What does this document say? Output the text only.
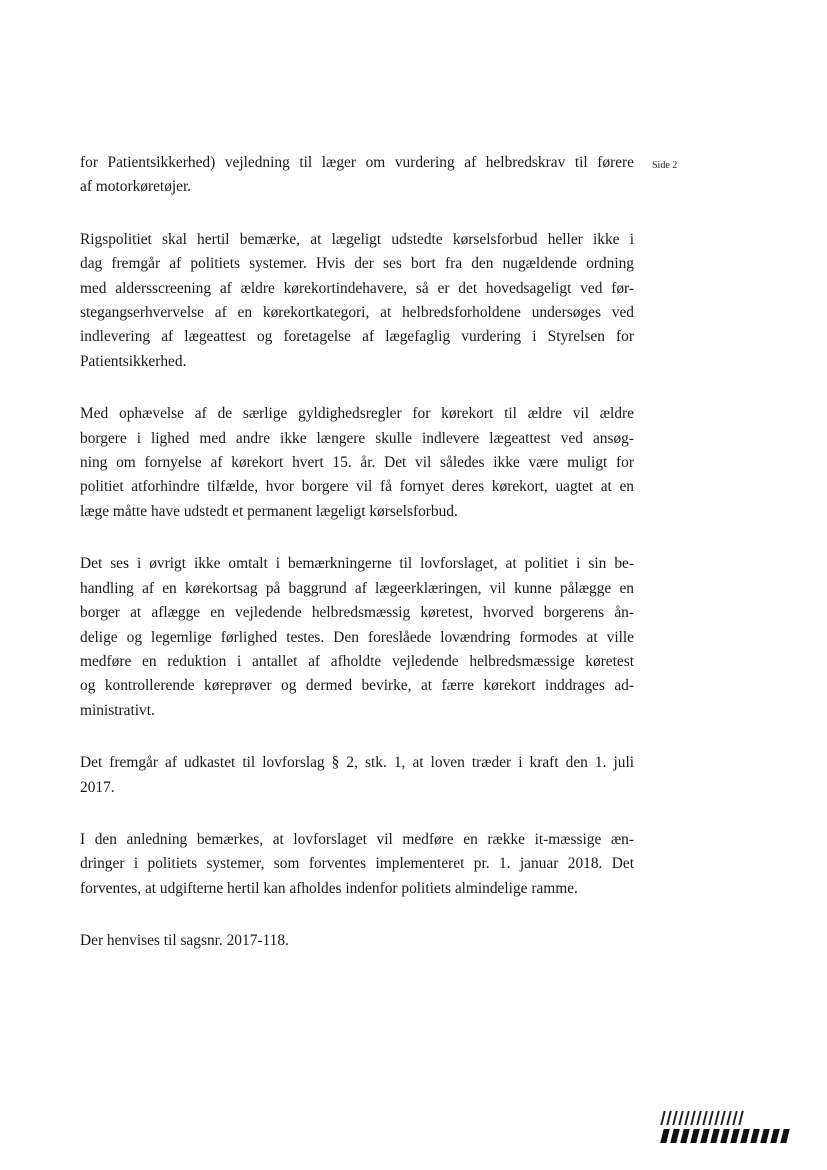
Side 2

for Patientsikkerhed) vejledning til læger om vurdering af helbredskrav til førere
af motorkøretøjer.

Rigspolitiet skal hertil bemærke, at lægeligt udstedte kørselsforbud heller ikke i
dag fremgår af politiets systemer. Hvis der ses bort fra den nugældende ordning
med aldersscreening af ældre kørekortindehavere, så er det hovedsageligt ved før-
stegangserhvervelse af en kørekortkategori, at helbredsforholdene undersøges ved
indlevering af lægeattest og foretagelse af lægefaglig vurdering i Styrelsen for
Patientsikkerhed.

Med ophævelse af de særlige gyldighedsregler for kørekort til ældre vil ældre
borgere i lighed med andre ikke længere skulle indlevere lægeattest ved ansøg-
ning om fornyelse af kørekort hvert 15. år. Det vil således ikke være muligt for
politiet atforhindre tilfælde, hvor borgere vil få fornyet deres kørekort, uagtet at en
læge måtte have udstedt et permanent lægeligt kørselsforbud.

Det ses i øvrigt ikke omtalt i bemærkningerne til lovforslaget, at politiet i sin be-
handling af en kørekortsag på baggrund af lægeerklæringen, vil kunne pålægge en
borger at aflægge en vejledende helbredsmæssig køretest, hvorved borgerens ån-
delige og legemlige førlighed testes. Den foreslåede lovændring formodes at ville
medføre en reduktion i antallet af afholdte vejledende helbredsmæssige køretest
og kontrollerende køreprøver og dermed bevirke, at færre kørekort inddrages ad-
ministrativt.

Det fremgår af udkastet til lovforslag § 2, stk. 1, at loven træder i kraft den 1. juli
2017.

I den anledning bemærkes, at lovforslaget vil medføre en række it-mæssige æn-
dringer i politiets systemer, som forventes implementeret pr. 1. januar 2018. Det
forventes, at udgifterne hertil kan afholdes indenfor politiets almindelige ramme.

Der henvises til sagsnr. 2017-118.
